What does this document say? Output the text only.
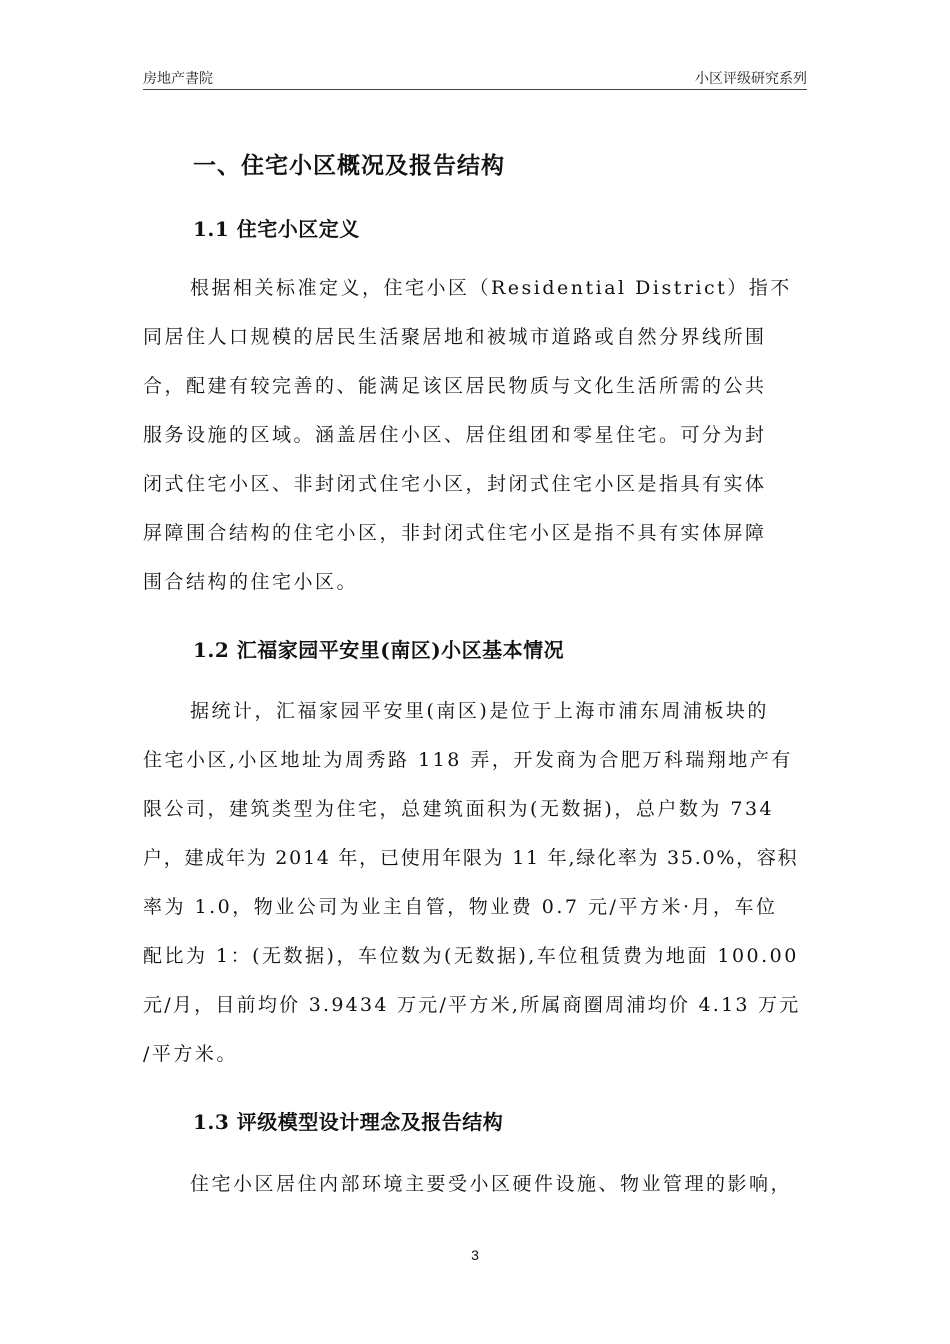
房地产書院	小区评级研究系列
一、住宅小区概况及报告结构
1.1 住宅小区定义
根据相关标准定义，住宅小区（Residential District）指不
同居住人口规模的居民生活聚居地和被城市道路或自然分界线所围
合，配建有较完善的、能满足该区居民物质与文化生活所需的公共
服务设施的区域。涵盖居住小区、居住组团和零星住宅。可分为封
闭式住宅小区、非封闭式住宅小区，封闭式住宅小区是指具有实体
屏障围合结构的住宅小区，非封闭式住宅小区是指不具有实体屏障
围合结构的住宅小区。
1.2 汇福家园平安里(南区)小区基本情况
据统计，汇福家园平安里(南区)是位于上海市浦东周浦板块的
住宅小区,小区地址为周秀路 118 弄，开发商为合肥万科瑞翔地产有
限公司，建筑类型为住宅，总建筑面积为(无数据)，总户数为 734
户，建成年为 2014 年，已使用年限为 11 年,绿化率为 35.0%，容积
率为 1.0，物业公司为业主自管，物业费 0.7 元/平方米·月，车位
配比为 1：(无数据)，车位数为(无数据),车位租赁费为地面 100.00
元/月，目前均价 3.9434 万元/平方米,所属商圈周浦均价 4.13 万元
/平方米。
1.3 评级模型设计理念及报告结构
住宅小区居住内部环境主要受小区硬件设施、物业管理的影响，
3
